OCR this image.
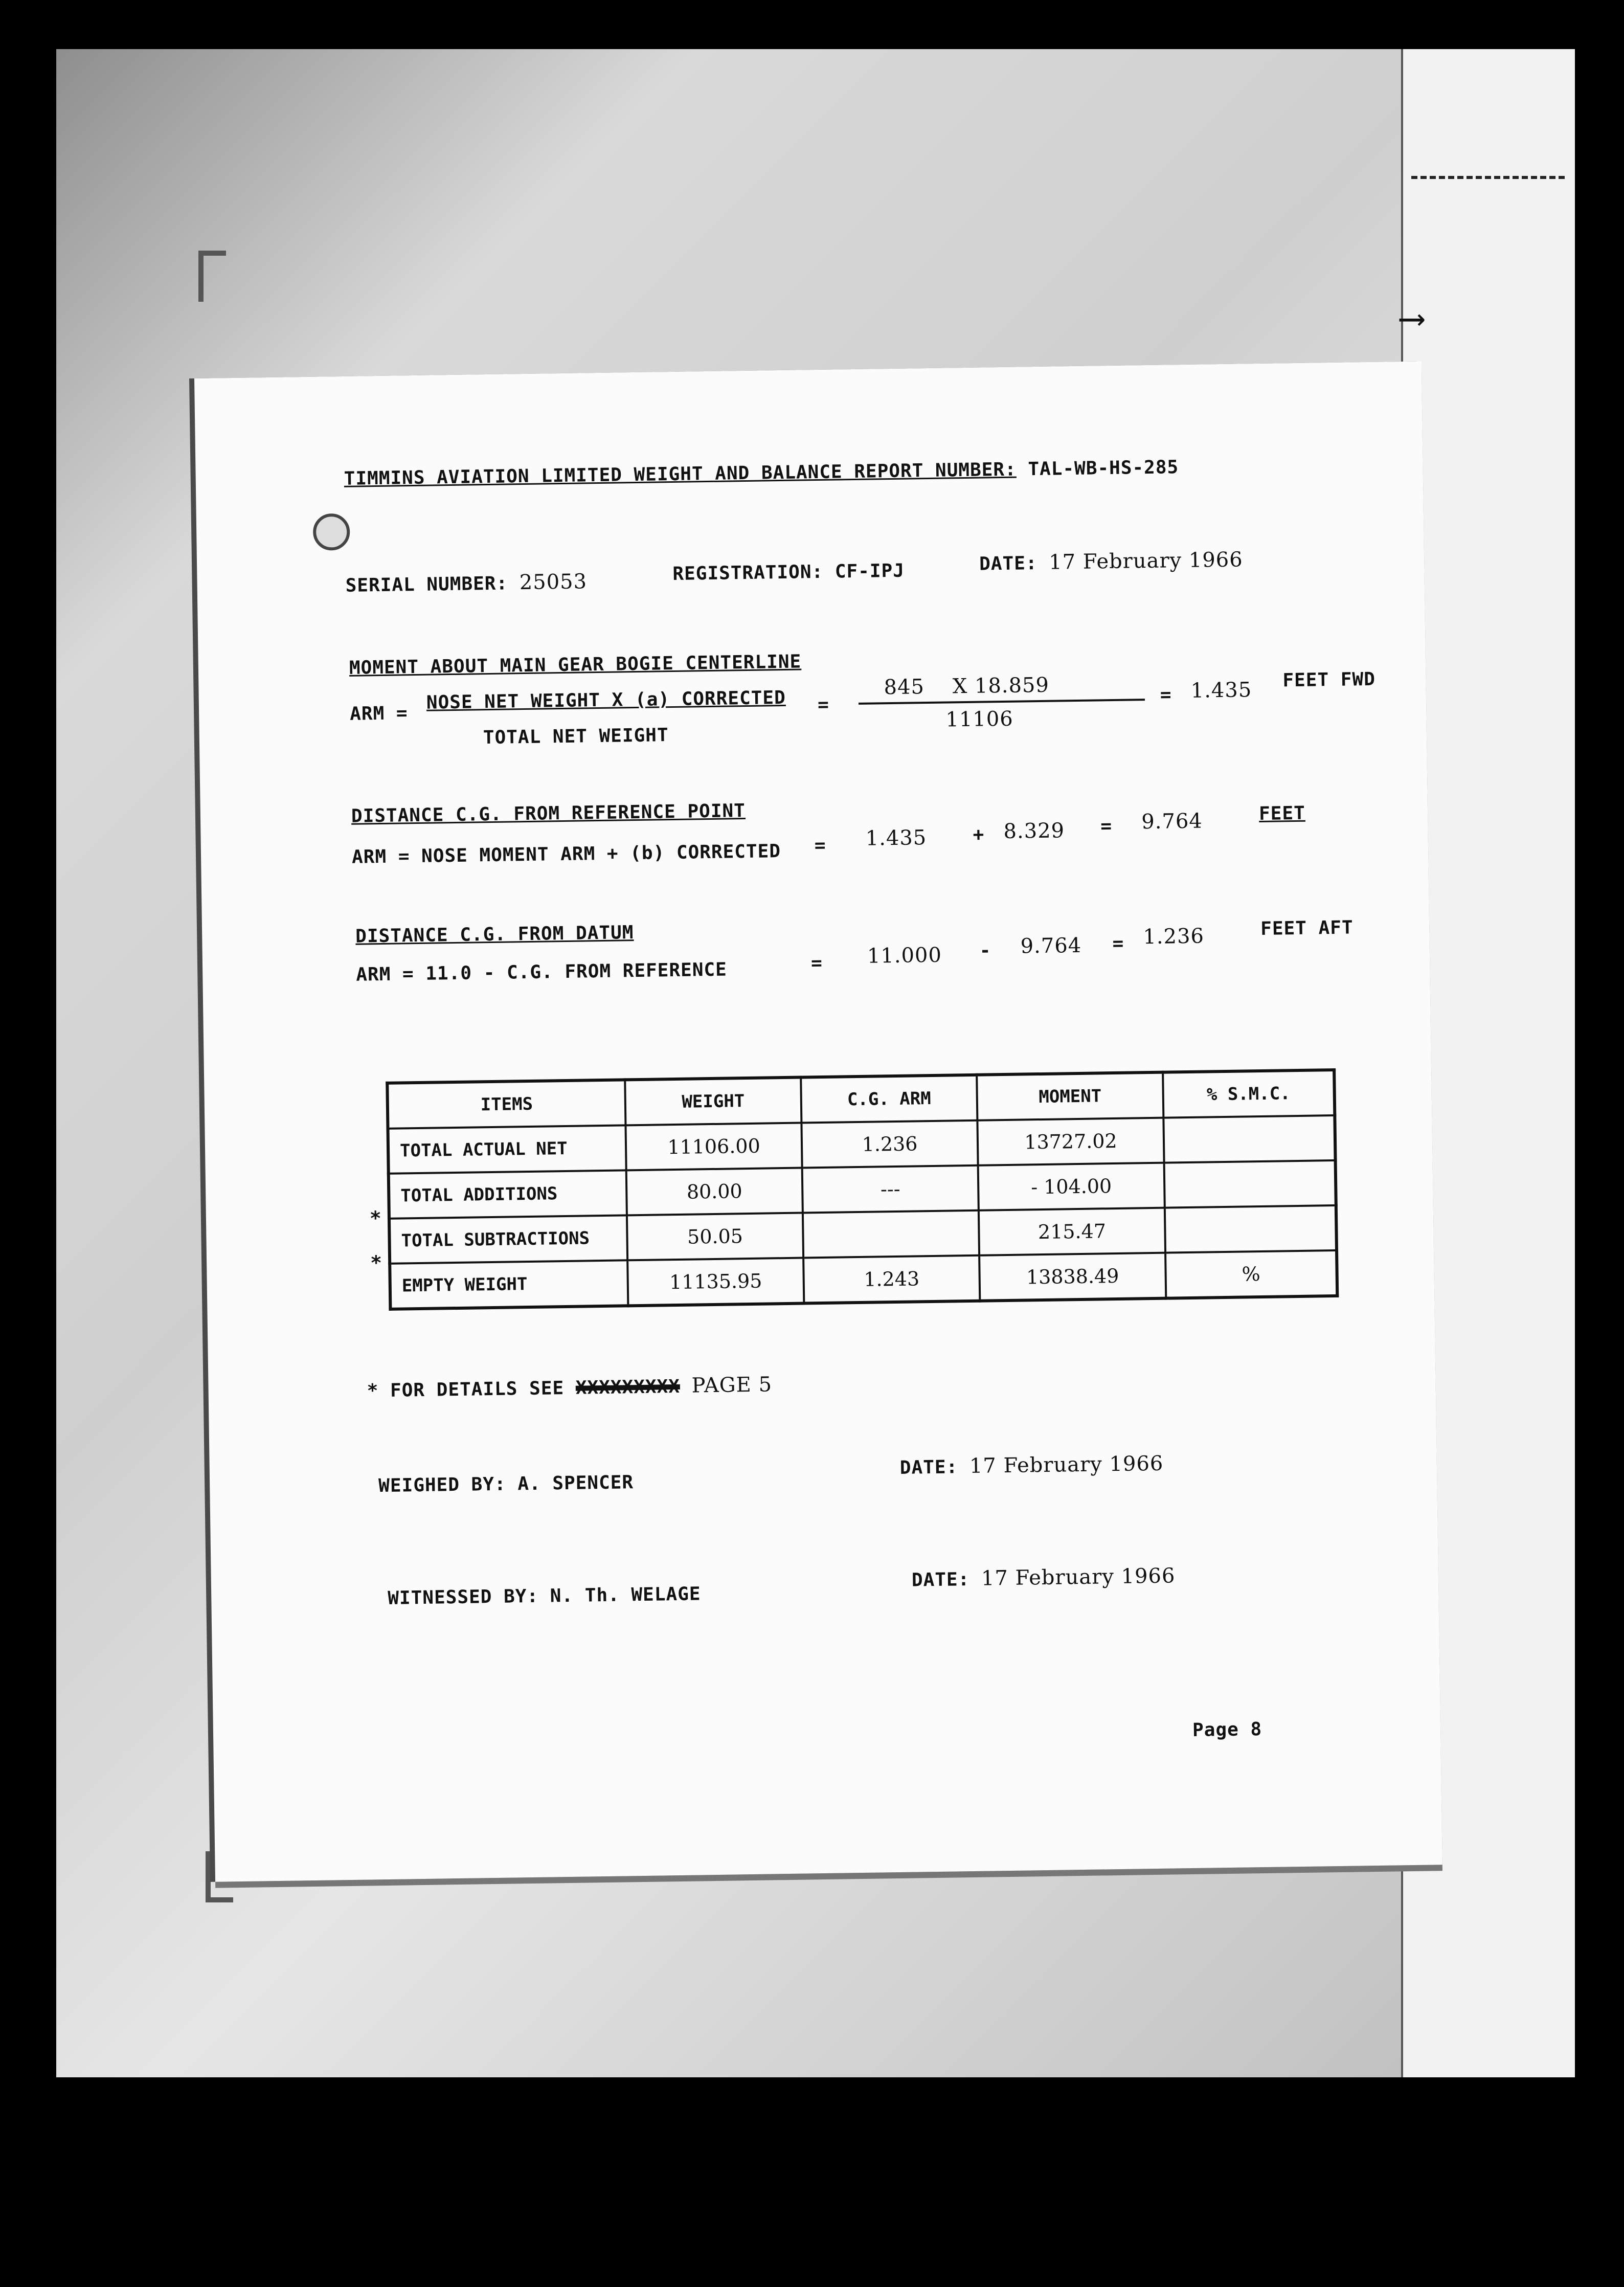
⟶
TIMMINS AVIATION LIMITED WEIGHT AND BALANCE REPORT NUMBER: TAL-WB-HS-285
SERIAL NUMBER: 25053	REGISTRATION: CF-IPJ	DATE: 17 February 1966
MOMENT ABOUT MAIN GEAR BOGIE CENTERLINE
ARM =
NOSE NET WEIGHT X (a) CORRECTED
TOTAL NET WEIGHT
=
845    X 18.859
11106
= 1.435 FEET FWD
DISTANCE C.G. FROM REFERENCE POINT
ARM = NOSE MOMENT ARM + (b) CORRECTED = 1.435 + 8.329 = 9.764	FEET
DISTANCE C.G. FROM DATUM
ARM = 11.0 - C.G. FROM REFERENCE	= 11.000 - 9.764 = 1.236	FEET AFT
*
*
ITEMS	WEIGHT	C.G. ARM	MOMENT	% S.M.C.
TOTAL ACTUAL NET	11106.00	1.236	13727.02	
TOTAL ADDITIONS	80.00	---	- 104.00	
TOTAL SUBTRACTIONS	50.05		215.47	
EMPTY WEIGHT	11135.95	1.243	13838.49	%
* FOR DETAILS SEE XXXXXXXXX PAGE 5
WEIGHED BY: A. SPENCER
DATE: 17 February 1966
WITNESSED BY: N. Th. WELAGE
DATE: 17 February 1966
Page 8
